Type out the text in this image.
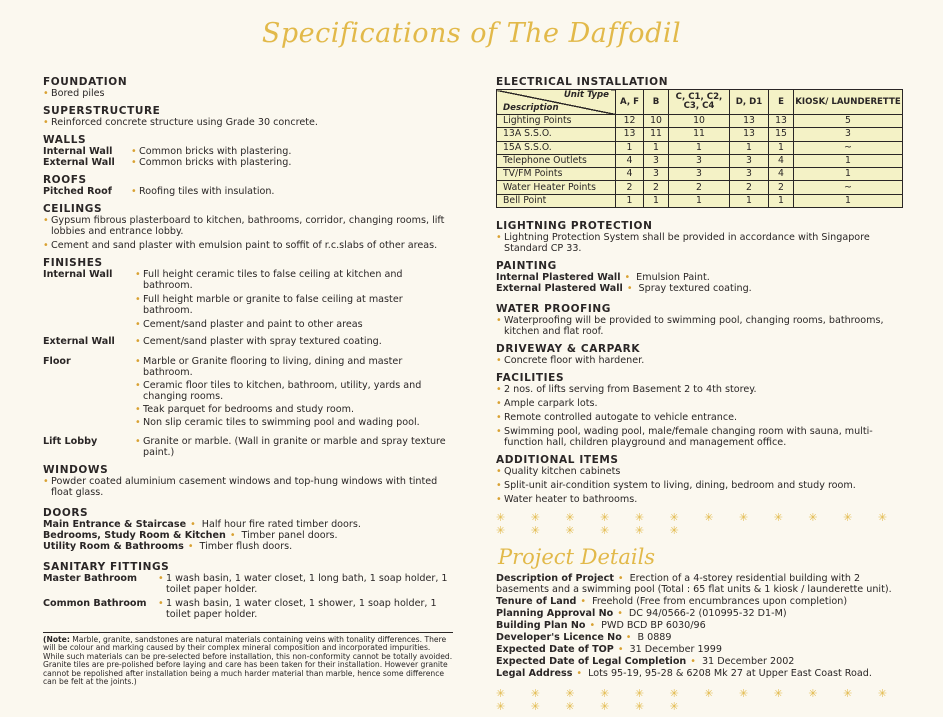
Specifications of The Daffodil
FOUNDATION
• Bored piles
SUPERSTRUCTURE
• Reinforced concrete structure using Grade 30 concrete.
WALLS
Internal Wall	• Common bricks with plastering.
External Wall	• Common bricks with plastering.
ROOFS
Pitched Roof	• Roofing tiles with insulation.
CEILINGS
• Gypsum fibrous plasterboard to kitchen, bathrooms, corridor, changing rooms, lift lobbies and entrance lobby.
• Cement and sand plaster with emulsion paint to soffit of r.c.slabs of other areas.
FINISHES
Internal Wall	• Full height ceramic tiles to false ceiling at kitchen and bathroom.
• Full height marble or granite to false ceiling at master bathroom.
• Cement/sand plaster and paint to other areas
External Wall	• Cement/sand plaster with spray textured coating.
Floor	• Marble or Granite flooring to living, dining and master bathroom.
• Ceramic floor tiles to kitchen, bathroom, utility, yards and changing rooms.
• Teak parquet for bedrooms and study room.
• Non slip ceramic tiles to swimming pool and wading pool.
Lift Lobby	• Granite or marble. (Wall in granite or marble and spray texture paint.)
WINDOWS
• Powder coated aluminium casement windows and top-hung windows with tinted float glass.
DOORS
Main Entrance & Staircase	• Half hour fire rated timber doors.
Bedrooms, Study Room & Kitchen	• Timber panel doors.
Utility Room & Bathrooms	• Timber flush doors.
SANITARY FITTINGS
Master Bathroom	• 1 wash basin, 1 water closet, 1 long bath, 1 soap holder, 1 toilet paper holder.
Common Bathroom	• 1 wash basin, 1 water closet, 1 shower, 1 soap holder, 1 toilet paper holder.
(Note: Marble, granite, sandstones are natural materials containing veins with tonality differences. There will be colour and marking caused by their complex mineral composition and incorporated impurities. While such materials can be pre-selected before installation, this non-conformity cannot be totally avoided. Granite tiles are pre-polished before laying and care has been taken for their installation. However granite cannot be repolished after installation being a much harder material than marble, hence some difference can be felt at the joints.)
ELECTRICAL INSTALLATION
Unit Type
Description	A, F	B	C, C1, C2, C3, C4	D, D1	E	KIOSK/ LAUNDERETTE
Lighting Points	12	10	10	13	13	5
13A S.S.O.	13	11	11	13	15	3
15A S.S.O.	1	1	1	1	1	~
Telephone Outlets	4	3	3	3	4	1
TV/FM Points	4	3	3	3	4	1
Water Heater Points	2	2	2	2	2	~
Bell Point	1	1	1	1	1	1
LIGHTNING PROTECTION
• Lightning Protection System shall be provided in accordance with Singapore Standard CP 33.
PAINTING
Internal Plastered Wall	• Emulsion Paint.
External Plastered Wall	• Spray textured coating.
WATER PROOFING
• Waterproofing will be provided to swimming pool, changing rooms, bathrooms, kitchen and flat roof.
DRIVEWAY & CARPARK
• Concrete floor with hardener.
FACILITIES
• 2 nos. of lifts serving from Basement 2 to 4th storey.
• Ample carpark lots.
• Remote controlled autogate to vehicle entrance.
• Swimming pool, wading pool, male/female changing room with sauna, multi-function hall, children playground and management office.
ADDITIONAL ITEMS
• Quality kitchen cabinets
• Split-unit air-condition system to living, dining, bedroom and study room.
• Water heater to bathrooms.
✳ ✳ ✳ ✳ ✳ ✳ ✳ ✳ ✳ ✳ ✳ ✳ ✳ ✳ ✳ ✳ ✳ ✳
Project Details
Description of Project • Erection of a 4-storey residential building with 2 basements and a swimming pool (Total : 65 flat units & 1 kiosk / launderette unit).
Tenure of Land • Freehold (Free from encumbrances upon completion)
Planning Approval No • DC 94/0566-2 (010995-32 D1-M)
Building Plan No • PWD BCD BP 6030/96
Developer's Licence No • B 0889
Expected Date of TOP • 31 December 1999
Expected Date of Legal Completion • 31 December 2002
Legal Address • Lots 95-19, 95-28 & 6208 Mk 27 at Upper East Coast Road.
✳ ✳ ✳ ✳ ✳ ✳ ✳ ✳ ✳ ✳ ✳ ✳ ✳ ✳ ✳ ✳ ✳ ✳
